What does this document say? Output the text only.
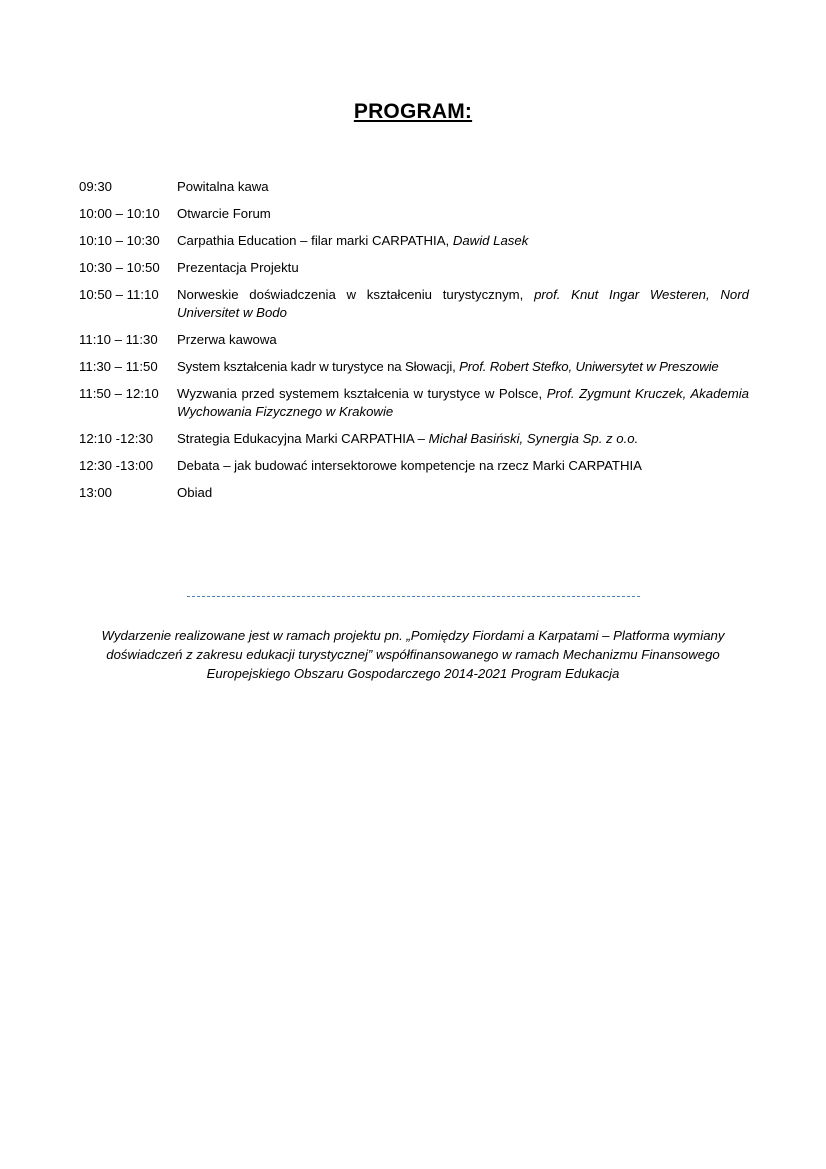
PROGRAM:
09:30	Powitalna kawa
10:00 – 10:10	Otwarcie Forum
10:10 – 10:30	Carpathia Education – filar marki CARPATHIA, Dawid Lasek
10:30 – 10:50	Prezentacja Projektu
10:50 – 11:10	Norweskie doświadczenia w kształceniu turystycznym, prof. Knut Ingar Westeren, Nord Universitet w Bodo
11:10 – 11:30	Przerwa kawowa
11:30 – 11:50	System kształcenia kadr w turystyce na Słowacji, Prof. Robert Stefko, Uniwersytet w Preszowie
11:50 – 12:10	Wyzwania przed systemem kształcenia w turystyce w Polsce, Prof. Zygmunt Kruczek, Akademia Wychowania Fizycznego w Krakowie
12:10 -12:30	Strategia Edukacyjna Marki CARPATHIA – Michał Basiński, Synergia Sp. z o.o.
12:30 -13:00	Debata – jak budować intersektorowe kompetencje na rzecz Marki CARPATHIA
13:00	Obiad
Wydarzenie realizowane jest w ramach projektu pn. „Pomiędzy Fiordami a Karpatami – Platforma wymiany
doświadczeń z zakresu edukacji turystycznej” współfinansowanego w ramach Mechanizmu Finansowego
Europejskiego Obszaru Gospodarczego 2014-2021 Program Edukacja
